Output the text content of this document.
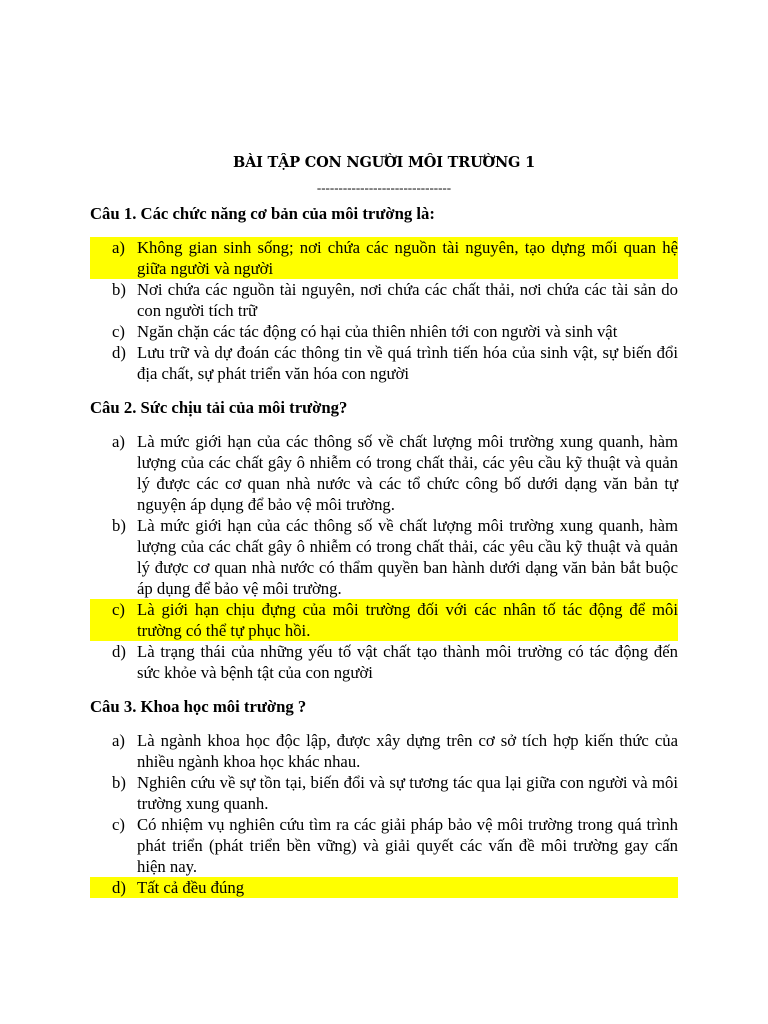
BÀI TẬP CON NGƯỜI MÔI TRƯỜNG 1
-------------------------------
Câu 1. Các chức năng cơ bản của môi trường là:
a) Không gian sinh sống; nơi chứa các nguồn tài nguyên, tạo dựng mối quan hệ giữa người và người
b) Nơi chứa các nguồn tài nguyên, nơi chứa các chất thải, nơi chứa các tài sản do con người tích trữ
c) Ngăn chặn các tác động có hại của thiên nhiên tới con người và sinh vật
d) Lưu trữ và dự đoán các thông tin về quá trình tiến hóa của sinh vật, sự biến đổi địa chất, sự phát triển văn hóa con người
Câu 2. Sức chịu tải của môi trường?
a) Là mức giới hạn của các thông số về chất lượng môi trường xung quanh, hàm lượng của các chất gây ô nhiễm có trong chất thải, các yêu cầu kỹ thuật và quản lý được các cơ quan nhà nước và các tổ chức công bố dưới dạng văn bản tự nguyện áp dụng để bảo vệ môi trường.
b) Là mức giới hạn của các thông số về chất lượng môi trường xung quanh, hàm lượng của các chất gây ô nhiễm có trong chất thải, các yêu cầu kỹ thuật và quản lý được cơ quan nhà nước có thẩm quyền ban hành dưới dạng văn bản bắt buộc áp dụng để bảo vệ môi trường.
c) Là giới hạn chịu đựng của môi trường đối với các nhân tố tác động để môi trường có thể tự phục hồi.
d) Là trạng thái của những yếu tố vật chất tạo thành môi trường có tác động đến sức khỏe và bệnh tật của con người
Câu 3. Khoa học môi trường ?
a) Là ngành khoa học độc lập, được xây dựng trên cơ sở tích hợp kiến thức của nhiều ngành khoa học khác nhau.
b) Nghiên cứu về sự tồn tại, biến đổi và sự tương tác qua lại giữa con người và môi trường xung quanh.
c) Có nhiệm vụ nghiên cứu tìm ra các giải pháp bảo vệ môi trường trong quá trình phát triển (phát triển bền vững) và giải quyết các vấn đề môi trường gay cấn hiện nay.
d) Tất cả đều đúng
